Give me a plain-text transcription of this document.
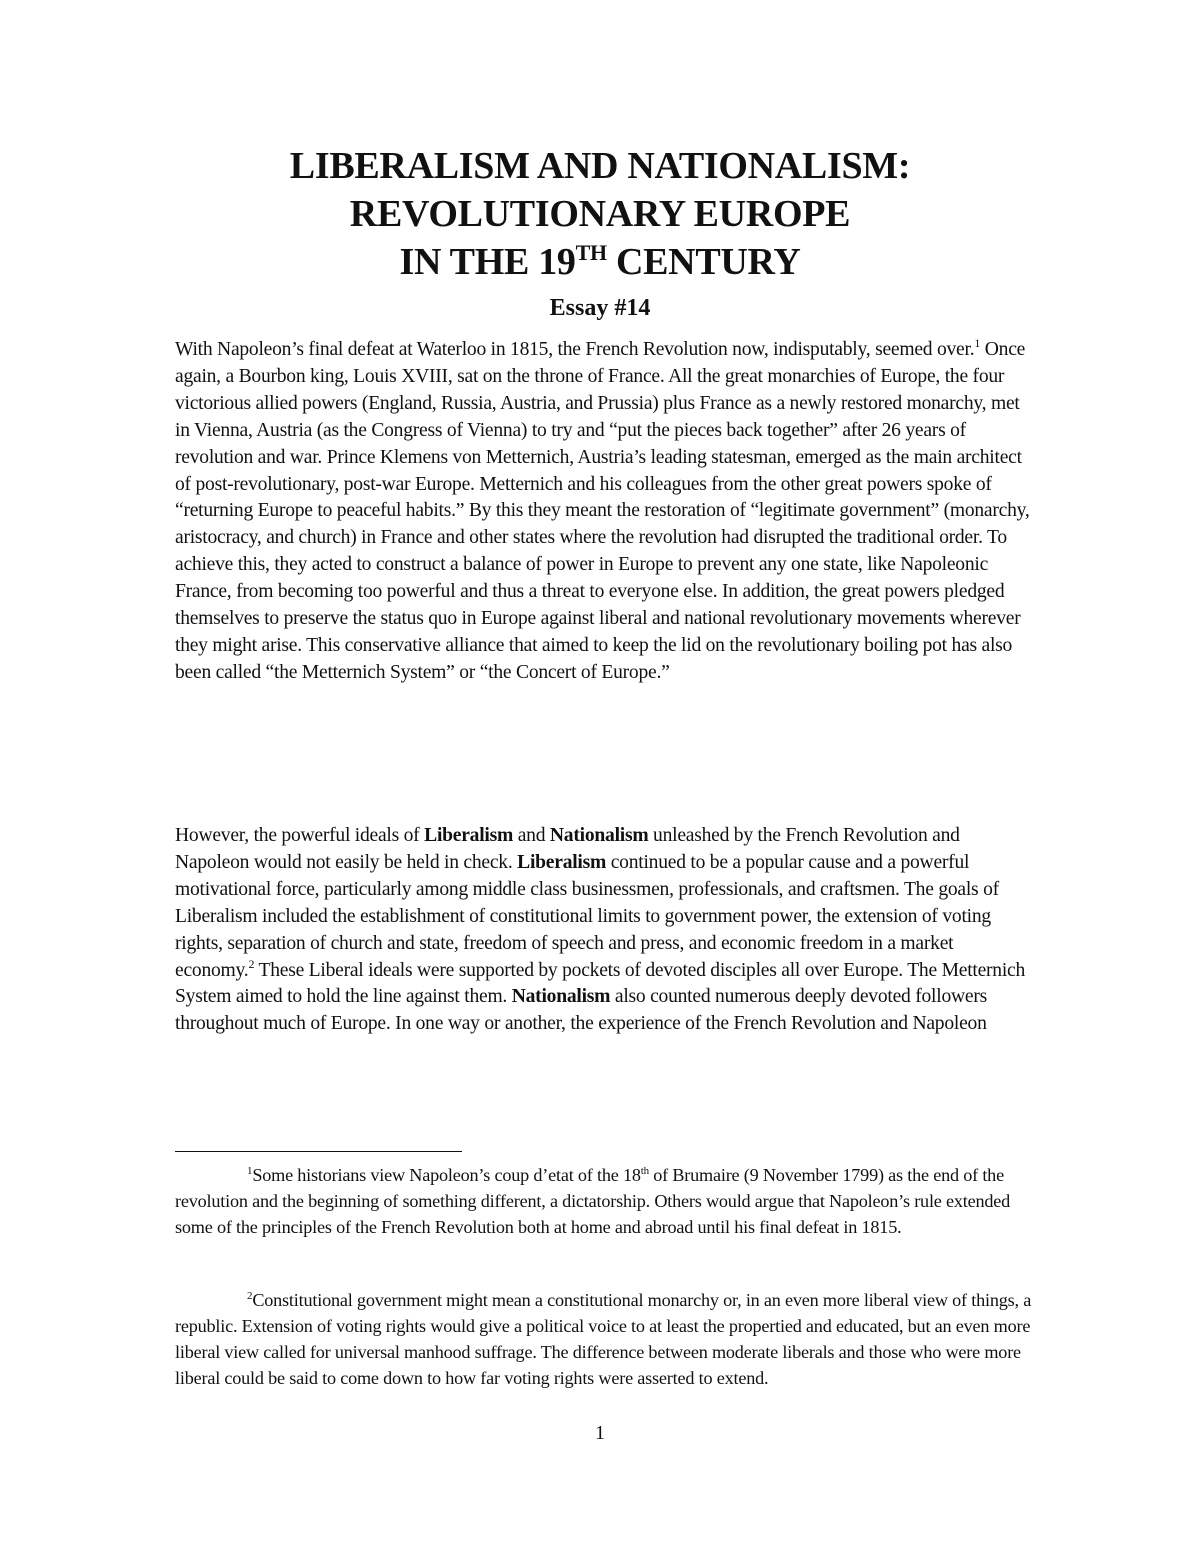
LIBERALISM AND NATIONALISM:
REVOLUTIONARY EUROPE
IN THE 19TH CENTURY
Essay #14
With Napoleon’s final defeat at Waterloo in 1815, the French Revolution now, indisputably, seemed over.$^1$ Once again, a Bourbon king, Louis XVIII, sat on the throne of France. All the great monarchies of Europe, the four victorious allied powers (England, Russia, Austria, and Prussia) plus France as a newly restored monarchy, met in Vienna, Austria (as the Congress of Vienna) to try and “put the pieces back together” after 26 years of revolution and war. Prince Klemens von Metternich, Austria’s leading statesman, emerged as the main architect of post-revolutionary, post-war Europe. Metternich and his colleagues from the other great powers spoke of “returning Europe to peaceful habits.” By this they meant the restoration of “legitimate government” (monarchy, aristocracy, and church) in France and other states where the revolution had disrupted the traditional order. To achieve this, they acted to construct a balance of power in Europe to prevent any one state, like Napoleonic France, from becoming too powerful and thus a threat to everyone else. In addition, the great powers pledged themselves to preserve the status quo in Europe against liberal and national revolutionary movements wherever they might arise. This conservative alliance that aimed to keep the lid on the revolutionary boiling pot has also been called “the Metternich System” or “the Concert of Europe.”
However, the powerful ideals of Liberalism and Nationalism unleashed by the French Revolution and Napoleon would not easily be held in check. Liberalism continued to be a popular cause and a powerful motivational force, particularly among middle class businessmen, professionals, and craftsmen. The goals of Liberalism included the establishment of constitutional limits to government power, the extension of voting rights, separation of church and state, freedom of speech and press, and economic freedom in a market economy.$^2$ These Liberal ideals were supported by pockets of devoted disciples all over Europe. The Metternich System aimed to hold the line against them. Nationalism also counted numerous deeply devoted followers throughout much of Europe. In one way or another, the experience of the French Revolution and Napoleon
$^1$Some historians view Napoleon’s coup d’etat of the 18th of Brumaire (9 November 1799) as the end of the revolution and the beginning of something different, a dictatorship. Others would argue that Napoleon’s rule extended some of the principles of the French Revolution both at home and abroad until his final defeat in 1815.
$^2$Constitutional government might mean a constitutional monarchy or, in an even more liberal view of things, a republic. Extension of voting rights would give a political voice to at least the propertied and educated, but an even more liberal view called for universal manhood suffrage. The difference between moderate liberals and those who were more liberal could be said to come down to how far voting rights were asserted to extend.
1
